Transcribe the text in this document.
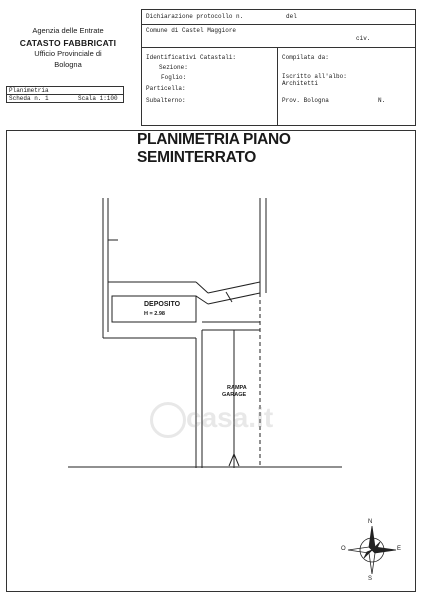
Agenzia delle Entrate
CATASTO FABBRICATI
Ufficio Provinciale di
Bologna
Dichiarazione protocollo n.	del
Comune di Castel Maggiore
civ.
Identificativi Catastali:
Sezione:
Foglio:
Particella:
Subalterno:
Compilata da:
Iscritto all'albo:
Architetti
Prov. Bologna	N.
Planimetria
Scheda n. 1	Scala 1:100
PLANIMETRIA PIANO
SEMINTERRATO
DEPOSITO
H = 2.98
RAMPA
GARAGE
casa.it
N
S
E
O
